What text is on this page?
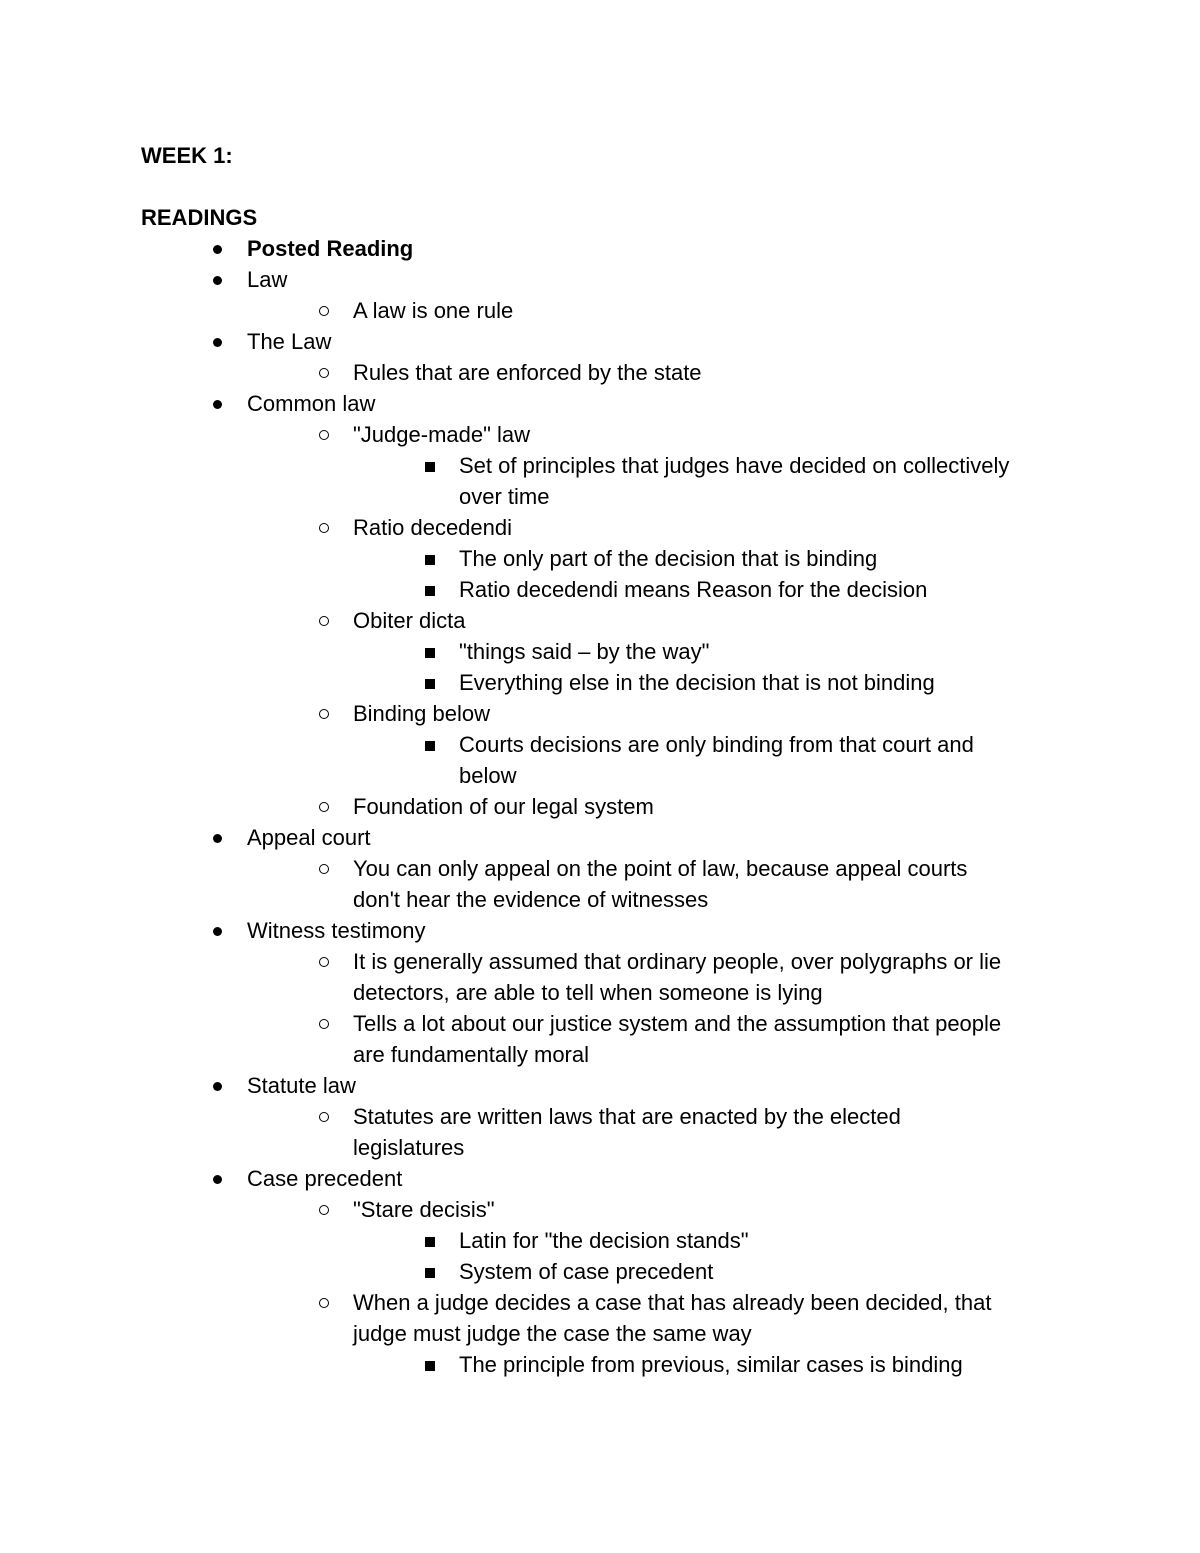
WEEK 1:
READINGS
Posted Reading
Law
A law is one rule
The Law
Rules that are enforced by the state
Common law
"Judge-made" law
Set of principles that judges have decided on collectively
over time
Ratio decedendi
The only part of the decision that is binding
Ratio decedendi means Reason for the decision
Obiter dicta
"things said – by the way"
Everything else in the decision that is not binding
Binding below
Courts decisions are only binding from that court and
below
Foundation of our legal system
Appeal court
You can only appeal on the point of law, because appeal courts
don't hear the evidence of witnesses
Witness testimony
It is generally assumed that ordinary people, over polygraphs or lie
detectors, are able to tell when someone is lying
Tells a lot about our justice system and the assumption that people
are fundamentally moral
Statute law
Statutes are written laws that are enacted by the elected
legislatures
Case precedent
"Stare decisis"
Latin for "the decision stands"
System of case precedent
When a judge decides a case that has already been decided, that
judge must judge the case the same way
The principle from previous, similar cases is binding
